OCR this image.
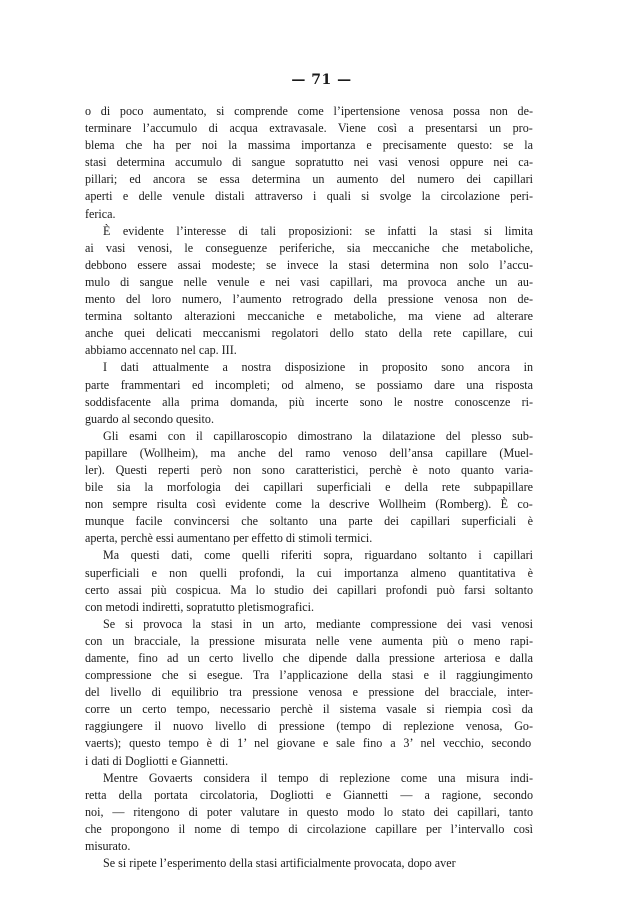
— 71 —
o di poco aumentato, si comprende come l’ipertensione venosa possa non de-
terminare l’accumulo di acqua extravasale. Viene così a presentarsi un pro-
blema che ha per noi la massima importanza e precisamente questo: se la
stasi determina accumulo di sangue sopratutto nei vasi venosi oppure nei ca-
pillari; ed ancora se essa determina un aumento del numero dei capillari
aperti e delle venule distali attraverso i quali si svolge la circolazione peri-
ferica.
È evidente l’interesse di tali proposizioni: se infatti la stasi si limita
ai vasi venosi, le conseguenze periferiche, sia meccaniche che metaboliche,
debbono essere assai modeste; se invece la stasi determina non solo l’accu-
mulo di sangue nelle venule e nei vasi capillari, ma provoca anche un au-
mento del loro numero, l’aumento retrogrado della pressione venosa non de-
termina soltanto alterazioni meccaniche e metaboliche, ma viene ad alterare
anche quei delicati meccanismi regolatori dello stato della rete capillare, cui
abbiamo accennato nel cap. III.
I dati attualmente a nostra disposizione in proposito sono ancora in
parte frammentari ed incompleti; od almeno, se possiamo dare una risposta
soddisfacente alla prima domanda, più incerte sono le nostre conoscenze ri-
guardo al secondo quesito.
Gli esami con il capillaroscopio dimostrano la dilatazione del plesso sub-
papillare (Wollheim), ma anche del ramo venoso dell’ansa capillare (Muel-
ler). Questi reperti però non sono caratteristici, perchè è noto quanto varia-
bile sia la morfologia dei capillari superficiali e della rete subpapillare
non sempre risulta così evidente come la descrive Wollheim (Romberg). È co-
munque facile convincersi che soltanto una parte dei capillari superficiali è
aperta, perchè essi aumentano per effetto di stimoli termici.
Ma questi dati, come quelli riferiti sopra, riguardano soltanto i capillari
superficiali e non quelli profondi, la cui importanza almeno quantitativa è
certo assai più cospicua. Ma lo studio dei capillari profondi può farsi soltanto
con metodi indiretti, sopratutto pletismografici.
Se si provoca la stasi in un arto, mediante compressione dei vasi venosi
con un bracciale, la pressione misurata nelle vene aumenta più o meno rapi-
damente, fino ad un certo livello che dipende dalla pressione arteriosa e dalla
compressione che si esegue. Tra l’applicazione della stasi e il raggiungimento
del livello di equilibrio tra pressione venosa e pressione del bracciale, inter-
corre un certo tempo, necessario perchè il sistema vasale si riempia così da
raggiungere il nuovo livello di pressione (tempo di replezione venosa, Go-
vaerts); questo tempo è di 1’ nel giovane e sale fino a 3’ nel vecchio, secondo
i dati di Dogliotti e Giannetti.
Mentre Govaerts considera il tempo di replezione come una misura indi-
retta della portata circolatoria, Dogliotti e Giannetti — a ragione, secondo
noi, — ritengono di poter valutare in questo modo lo stato dei capillari, tanto
che propongono il nome di tempo di circolazione capillare per l’intervallo così
misurato.
Se si ripete l’esperimento della stasi artificialmente provocata, dopo aver
